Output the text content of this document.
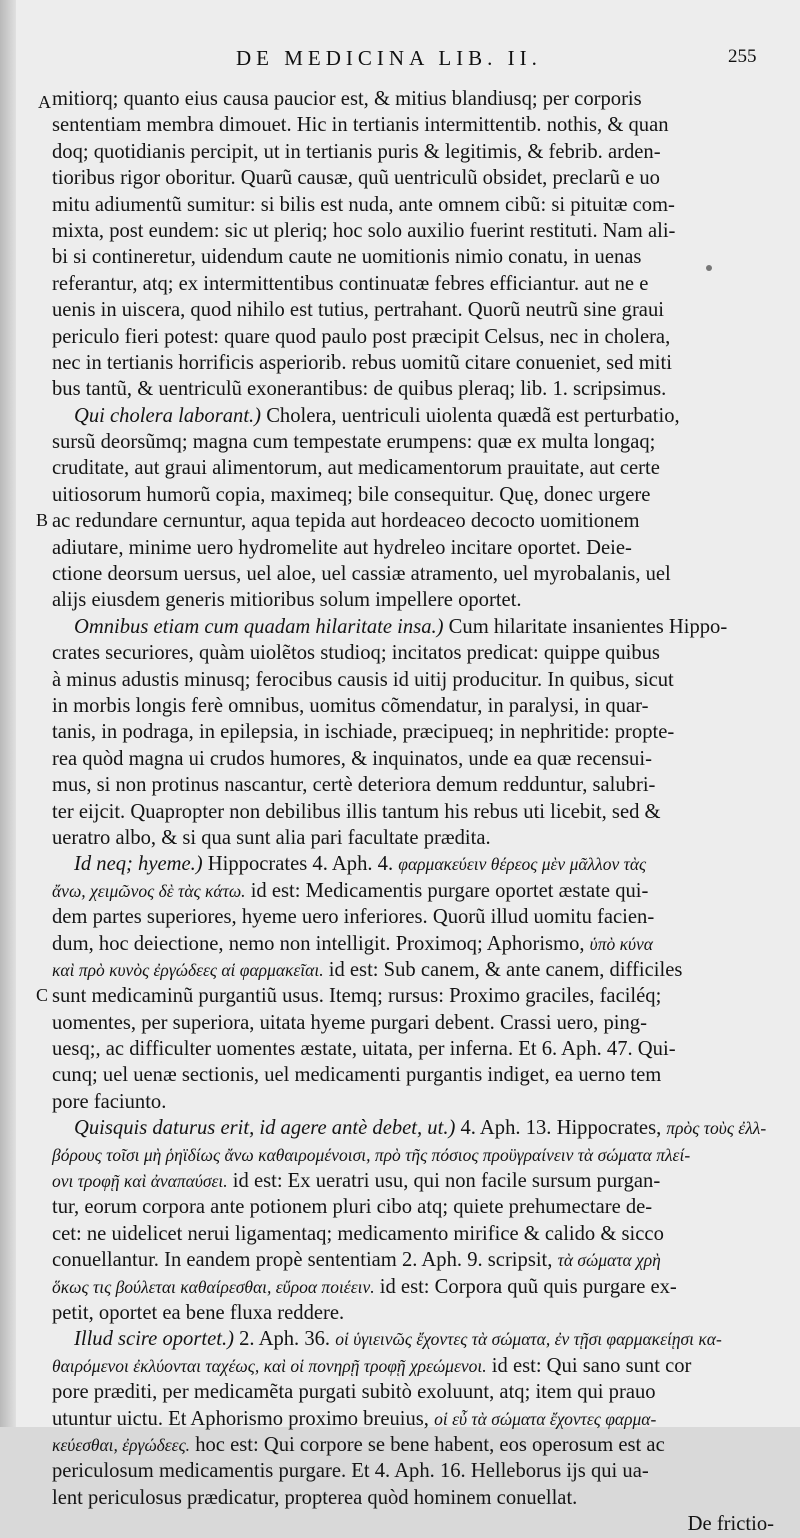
DE MEDICINA LIB. II.	255
A
B
C
mitiorq; quanto eius causa paucior est, & mitius blandiusq; per corporis
sententiam membra dimouet. Hic in tertianis intermittentib. nothis, & quan
doq; quotidianis percipit, ut in tertianis puris & legitimis, & febrib. arden-
tioribus rigor oboritur. Quarũ causæ, quũ uentriculũ obsidet, preclarũ e uo
mitu adiumentũ sumitur: si bilis est nuda, ante omnem cibũ: si pituitæ com-
mixta, post eundem: sic ut pleriq; hoc solo auxilio fuerint restituti. Nam ali-
bi si contineretur, uidendum caute ne uomitionis nimio conatu, in uenas
referantur, atq; ex intermittentibus continuatæ febres efficiantur. aut ne e
uenis in uiscera, quod nihilo est tutius, pertrahant. Quorũ neutrũ sine graui
periculo fieri potest: quare quod paulo post præcipit Celsus, nec in cholera,
nec in tertianis horrificis asperiorib. rebus uomitũ citare conueniet, sed miti
bus tantũ, & uentriculũ exonerantibus: de quibus pleraq; lib. 1. scripsimus.
Qui cholera laborant.) Cholera, uentriculi uiolenta quædã est perturbatio,
sursũ deorsũmq; magna cum tempestate erumpens: quæ ex multa longaq;
cruditate, aut graui alimentorum, aut medicamentorum prauitate, aut certe
uitiosorum humorũ copia, maximeq; bile consequitur. Quę, donec urgere
ac redundare cernuntur, aqua tepida aut hordeaceo decocto uomitionem
adiutare, minime uero hydromelite aut hydreleo incitare oportet. Deie-
ctione deorsum uersus, uel aloe, uel cassiæ atramento, uel myrobalanis, uel
alijs eiusdem generis mitioribus solum impellere oportet.
Omnibus etiam cum quadam hilaritate insa.) Cum hilaritate insanientes Hippo-
crates securiores, quàm uiolẽtos studioq; incitatos predicat: quippe quibus
à minus adustis minusq; ferocibus causis id uitij producitur. In quibus, sicut
in morbis longis ferè omnibus, uomitus cõmendatur, in paralysi, in quar-
tanis, in podraga, in epilepsia, in ischiade, præcipueq; in nephritide: propte-
rea quòd magna ui crudos humores, & inquinatos, unde ea quæ recensui-
mus, si non protinus nascantur, certè deteriora demum redduntur, salubri-
ter eijcit. Quapropter non debilibus illis tantum his rebus uti licebit, sed &
ueratro albo, & si qua sunt alia pari facultate prædita.
Id neq; hyeme.) Hippocrates 4. Aph. 4. φαρμακεύειν θέρεος μὲν μᾶλλον τὰς
ἄνω, χειμῶνος δὲ τὰς κάτω. id est: Medicamentis purgare oportet æstate qui-
dem partes superiores, hyeme uero inferiores. Quorũ illud uomitu facien-
dum, hoc deiectione, nemo non intelligit. Proximoq; Aphorismo, ὑπὸ κύνα
καὶ πρὸ κυνὸς ἐργώδεες αἱ φαρμακεῖαι. id est: Sub canem, & ante canem, difficiles
sunt medicaminũ purgantiũ usus. Itemq; rursus: Proximo graciles, faciléq;
uomentes, per superiora, uitata hyeme purgari debent. Crassi uero, ping-
uesq;, ac difficulter uomentes æstate, uitata, per inferna. Et 6. Aph. 47. Qui-
cunq; uel uenæ sectionis, uel medicamenti purgantis indiget, ea uerno tem
pore faciunto.
Quisquis daturus erit, id agere antè debet, ut.) 4. Aph. 13. Hippocrates, πρὸς τοὺς ἐλλ-
βόρους τοῖσι μὴ ῥηϊδίως ἄνω καθαιρομένοισι, πρὸ τῆς πόσιος προϋγραίνειν τὰ σώματα πλεί-
ονι τροφῇ καὶ ἀναπαύσει. id est: Ex ueratri usu, qui non facile sursum purgan-
tur, eorum corpora ante potionem pluri cibo atq; quiete prehumectare de-
cet: ne uidelicet nerui ligamentaq; medicamento mirifice & calido & sicco
conuellantur. In eandem propè sententiam 2. Aph. 9. scripsit, τὰ σώματα χρὴ
ὅκως τις βούλεται καθαίρεσθαι, εὔροα ποιέειν. id est: Corpora quũ quis purgare ex-
petit, oportet ea bene fluxa reddere.
Illud scire oportet.) 2. Aph. 36. οἱ ὑγιεινῶς ἔχοντες τὰ σώματα, ἐν τῇσι φαρμακείῃσι κα-
θαιρόμενοι ἐκλύονται ταχέως, καὶ οἱ πονηρῇ τροφῇ χρεώμενοι. id est: Qui sano sunt cor
pore præditi, per medicamẽta purgati subitò exoluunt, atq; item qui prauo
utuntur uictu. Et Aphorismo proximo breuius, οἱ εὖ τὰ σώματα ἔχοντες φαρμα-
κεύεσθαι, ἐργώδεες. hoc est: Qui corpore se bene habent, eos operosum est ac
periculosum medicamentis purgare. Et 4. Aph. 16. Helleborus ijs qui ua-
lent periculosus prædicatur, propterea quòd hominem conuellat.
De frictio-
